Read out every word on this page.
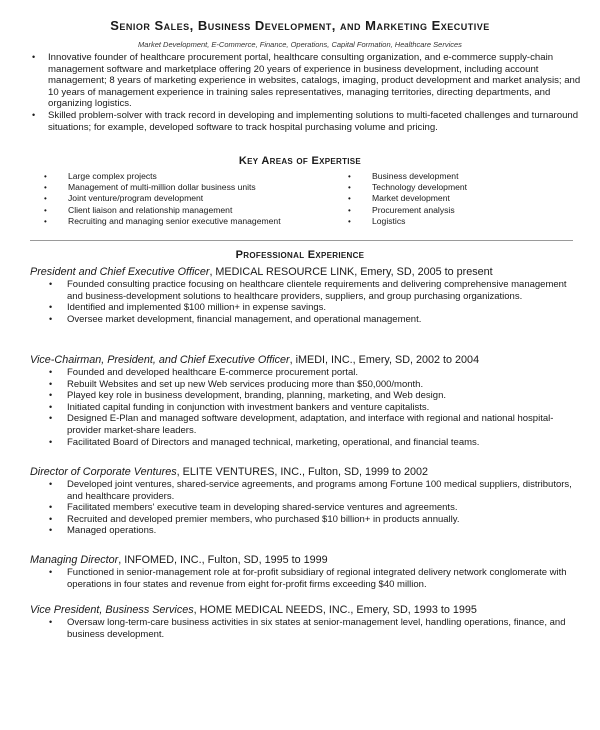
Senior Sales, Business Development, and Marketing Executive
Market Development, E-Commerce, Finance, Operations, Capital Formation, Healthcare Services
• Innovative founder of healthcare procurement portal, healthcare consulting organization, and e-commerce supply-chain management software and marketplace offering 20 years of experience in business development, including account management; 8 years of marketing experience in websites, catalogs, imaging, product development and market analysis; and 10 years of management experience in training sales representatives, managing territories, directing departments, and organizing logistics.
• Skilled problem-solver with track record in developing and implementing solutions to multi-faceted challenges and turnaround situations; for example, developed software to track hospital purchasing volume and pricing.
Key Areas of Expertise
• Large complex projects
• Management of multi-million dollar business units
• Joint venture/program development
• Client liaison and relationship management
• Recruiting and managing senior executive management
• Business development
• Technology development
• Market development
• Procurement analysis
• Logistics
Professional Experience
President and Chief Executive Officer, MEDICAL RESOURCE LINK, Emery, SD, 2005 to present
• Founded consulting practice focusing on healthcare clientele requirements and delivering comprehensive management and business-development solutions to healthcare providers, suppliers, and group purchasing organizations.
• Identified and implemented $100 million+ in expense savings.
• Oversee market development, financial management, and operational management.
Vice-Chairman, President, and Chief Executive Officer, iMEDI, INC., Emery, SD, 2002 to 2004
• Founded and developed healthcare E-commerce procurement portal.
• Rebuilt Websites and set up new Web services producing more than $50,000/month.
• Played key role in business development, branding, planning, marketing, and Web design.
• Initiated capital funding in conjunction with investment bankers and venture capitalists.
• Designed E-Plan and managed software development, adaptation, and interface with regional and national hospital-provider market-share leaders.
• Facilitated Board of Directors and managed technical, marketing, operational, and financial teams.
Director of Corporate Ventures, ELITE VENTURES, INC., Fulton, SD, 1999 to 2002
• Developed joint ventures, shared-service agreements, and programs among Fortune 100 medical suppliers, distributors, and healthcare providers.
• Facilitated members' executive team in developing shared-service ventures and agreements.
• Recruited and developed premier members, who purchased $10 billion+ in products annually.
• Managed operations.
Managing Director, INFOMED, INC., Fulton, SD, 1995 to 1999
• Functioned in senior-management role at for-profit subsidiary of regional integrated delivery network conglomerate with operations in four states and revenue from eight for-profit firms exceeding $40 million.
Vice President, Business Services, HOME MEDICAL NEEDS, INC., Emery, SD, 1993 to 1995
• Oversaw long-term-care business activities in six states at senior-management level, handling operations, finance, and business development.
